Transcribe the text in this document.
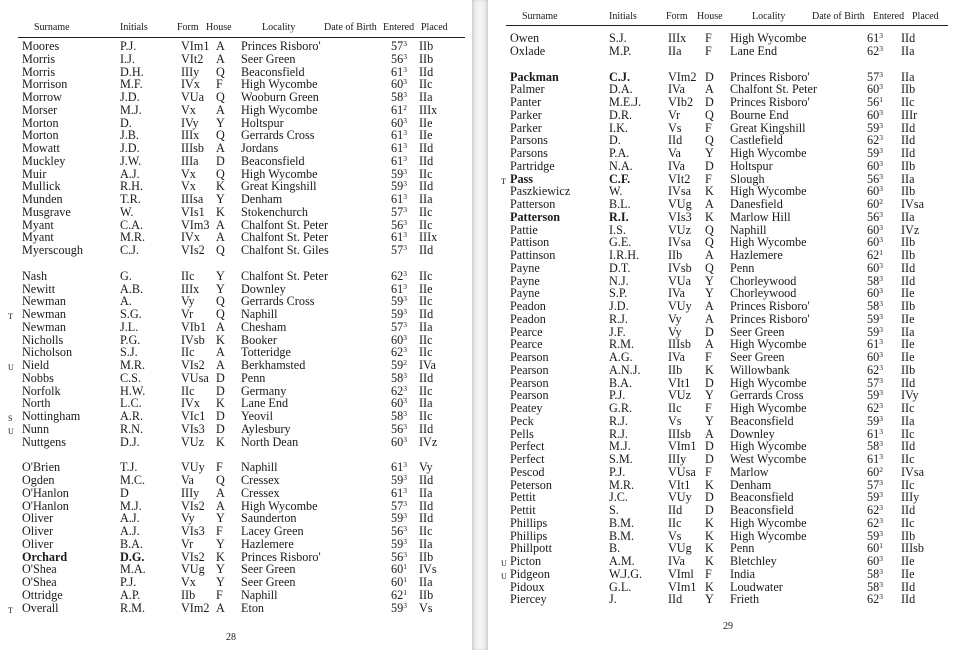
Surname	Initials	Form House	Locality	Date of Birth Entered Placed
Moores	P.J.	VIm1 A Princes Risboro'	$57^3$ IIb
Morris	I.J.	VIt2 A Seer Green	$56^3$ IIb
Morris	D.H.	IIIy Q Beaconsfield	$61^3$ IId
Morrison	M.F.	IVx F High Wycombe	$60^3$ IIc
Morrow	J.D.	VUa Q Wooburn Green	$58^3$ IIa
Morser	M.J.	Vx A High Wycombe	$61^2$ IIIx
Morton	D.	IVy Y Holtspur	$60^3$ IIe
Morton	J.B.	IIIx Q Gerrards Cross	$61^3$ IIe
Mowatt	J.D.	IIIsb A Jordans	$61^3$ IId
Muckley	J.W.	IIIa D Beaconsfield	$61^3$ IId
Muir	A.J.	Vx Q High Wycombe	$59^3$ IIc
Mullick	R.H.	Vx K Great Kingshill	$59^3$ IId
Munden	T.R.	IIIsa Y Denham	$61^3$ IIa
Musgrave	W.	VIs1 K Stokenchurch	$57^3$ IIc
Myant	C.A.	VIm3 A Chalfont St. Peter	$56^3$ IIc
Myant	M.R.	IVx A Chalfont St. Peter	$61^3$ IIIx
Myerscough	C.J.	VIs2 Q Chalfont St. Giles	$57^3$ IId
Nash	G.	IIc Y Chalfont St. Peter	$62^3$ IIc
Newitt	A.B.	IIIx Y Downley	$61^3$ IIe
Newman	A.	Vy Q Gerrards Cross	$59^3$ IIc
T Newman	S.G.	Vr Q Naphill	$59^3$ IId
Newman	J.L.	VIb1 A Chesham	$57^3$ IIa
Nicholls	P.G.	IVsb K Booker	$60^3$ IIc
Nicholson	S.J.	IIc A Totteridge	$62^3$ IIc
U Nield	M.R.	VIs2 A Berkhamsted	$59^2$ IVa
Nobbs	C.S.	VUsa D Penn	$58^3$ IId
Norfolk	H.W.	IIc D Germany	$62^3$ IIc
North	L.C.	IVx K Lane End	$60^3$ IIa
S Nottingham	A.R.	VIc1 D Yeovil	$58^3$ IIc
U Nunn	R.N.	VIs3 D Aylesbury	$56^3$ IId
Nuttgens	D.J.	VUz K North Dean	$60^3$ IVz
O'Brien	T.J.	VUy F Naphill	$61^3$ Vy
Ogden	M.C.	Va Q Cressex	$59^3$ IId
O'Hanlon	D	IIIy A Cressex	$61^3$ IIa
O'Hanlon	M.J.	VIs2 A High Wycombe	$57^3$ IId
Oliver	A.J.	Vy Y Saunderton	$59^3$ IId
Oliver	A.J.	VIs3 F Lacey Green	$56^3$ IIc
Oliver	B.A.	Vr Y Hazlemere	$59^3$ IIa
Orchard	D.G.	VIs2 K Princes Risboro'	$56^3$ IIb
O'Shea	M.A.	VUg Y Seer Green	$60^1$ IVs
O'Shea	P.J.	Vx Y Seer Green	$60^1$ IIa
Ottridge	A.P.	IIb F Naphill	$62^1$ IIb
T Overall	R.M.	VIm2 A Eton	$59^3$ Vs
28
Surname	Initials	Form House	Locality	Date of Birth Entered Placed
Owen	S.J.	IIIx F High Wycombe	$61^3$ IId
Oxlade	M.P.	IIa F Lane End	$62^3$ IIa
Packman	C.J.	VIm2 D Princes Risboro'	$57^3$ IIa
Palmer	D.A.	IVa A Chalfont St. Peter	$60^3$ IIb
Panter	M.E.J. VIb2 D Princes Risboro'	$56^1$ IIc
Parker	D.R.	Vr Q Bourne End	$60^3$ IIIr
Parker	I.K.	Vs F Great Kingshill	$59^3$ IId
Parsons	D.	IId Q Castlefield	$62^3$ IId
Parsons	P.A.	Va Y High Wycombe	$59^3$ IId
Partridge	N.A.	IVa D Holtspur	$60^3$ IIb
T Pass	C.F.	VIt2 F Slough	$56^3$ IIa
Paszkiewicz	W.	IVsa K High Wycombe	$60^3$ IIb
Patterson	B.L.	VUg A Danesfield	$60^2$ IVsa
Patterson	R.I.	VIs3 K Marlow Hill	$56^3$ IIa
Pattie	I.S.	VUz Q Naphill	$60^3$ IVz
Pattison	G.E.	IVsa Q High Wycombe	$60^3$ IIb
Pattinson	I.R.H. IIb A Hazlemere	$62^1$ IIb
Payne	D.T.	IVsb Q Penn	$60^3$ IId
Payne	N.J.	VUa Y Chorleywood	$58^3$ IId
Payne	S.P.	IVa Y Chorleywood	$60^3$ IIe
Peadon	J.D.	VUy A Princes Risboro'	$58^3$ IIb
Peadon	R.J.	Vy A Princes Risboro'	$59^3$ IIe
Pearce	J.F.	Vy D Seer Green	$59^3$ IIa
Pearce	R.M.	IIIsb A High Wycombe	$61^3$ IIe
Pearson	A.G.	IVa F Seer Green	$60^3$ IIe
Pearson	A.N.J. IIb K Willowbank	$62^3$ IIb
Pearson	B.A.	VIt1 D High Wycombe	$57^3$ IId
Pearson	P.J.	VUz Y Gerrards Cross	$59^3$ IVy
Peatey	G.R.	IIc F High Wycombe	$62^3$ IIc
Peck	R.J.	Vs Y Beaconsfield	$59^3$ IIa
Pells	R.J.	IIIsb A Downley	$61^3$ IIc
Perfect	M.J.	VIm1 D High Wycombe	$58^3$ IId
Perfect	S.M.	IIIy D West Wycombe	$61^3$ IIc
Pescod	P.J.	VUsa F Marlow	$60^2$ IVsa
Peterson	M.R.	VIt1 K Denham	$57^3$ IIc
Pettit	J.C.	VUy D Beaconsfield	$59^3$ IIIy
Pettit	S.	IId D Beaconsfield	$62^3$ IId
Phillips	B.M.	IIc K High Wycombe	$62^3$ IIc
Phillips	B.M.	Vs K High Wycombe	$59^3$ IIb
Phillpott	B.	VUg K Penn	$60^1$ IIIsb
U Picton	A.M.	IVa K Bletchley	$60^3$ IIe
U Pidgeon	W.J.G. VIml F India	$58^3$ IIe
Pidoux	G.L.	VIm1 K Loudwater	$58^3$ IId
Piercey	J.	IId Y Frieth	$62^3$ IId
29
